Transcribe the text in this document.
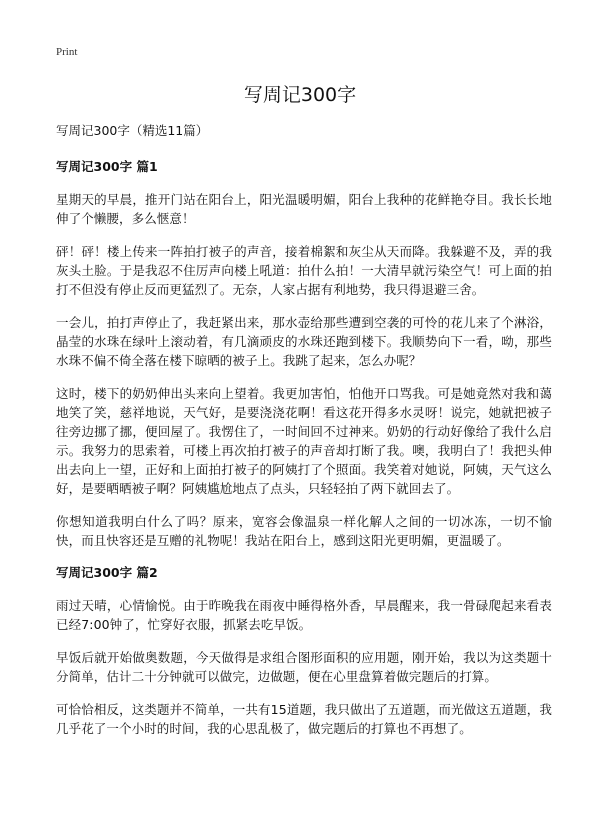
Print
写周记300字

写周记300字（精选11篇）

写周记300字 篇1

星期天的早晨，推开门站在阳台上，阳光温暖明媚，阳台上我种的花鲜艳夺目。我长长地伸了个懒腰，多么惬意！

砰！砰！楼上传来一阵拍打被子的声音，接着棉絮和灰尘从天而降。我躲避不及，弄的我灰头土脸。于是我忍不住厉声向楼上吼道：拍什么拍！一大清早就污染空气！可上面的拍打不但没有停止反而更猛烈了。无奈，人家占据有利地势，我只得退避三舍。

一会儿，拍打声停止了，我赶紧出来，那水壶给那些遭到空袭的可怜的花儿来了个淋浴，晶莹的水珠在绿叶上滚动着，有几滴顽皮的水珠还跑到楼下。我顺势向下一看，呦，那些水珠不偏不倚全落在楼下晾晒的被子上。我跳了起来，怎么办呢？

这时，楼下的奶奶伸出头来向上望着。我更加害怕，怕他开口骂我。可是她竟然对我和蔼地笑了笑，慈祥地说，天气好，是要浇浇花啊！看这花开得多水灵呀！说完，她就把被子往旁边挪了挪，便回屋了。我愣住了，一时间回不过神来。奶奶的行动好像给了我什么启示。我努力的思索着，可楼上再次拍打被子的声音却打断了我。噢，我明白了！我把头伸出去向上一望，正好和上面拍打被子的阿姨打了个照面。我笑着对她说，阿姨，天气这么好，是要晒晒被子啊？阿姨尴尬地点了点头，只轻轻拍了两下就回去了。

你想知道我明白什么了吗？原来，宽容会像温泉一样化解人之间的一切冰冻，一切不愉快，而且快容还是互赠的礼物呢！我站在阳台上，感到这阳光更明媚，更温暖了。

写周记300字 篇2

雨过天晴，心情愉悦。由于昨晚我在雨夜中睡得格外香，早晨醒来，我一骨碌爬起来看表已经7:00钟了，忙穿好衣服，抓紧去吃早饭。

早饭后就开始做奥数题，今天做得是求组合图形面积的应用题，刚开始，我以为这类题十分简单，估计二十分钟就可以做完，边做题，便在心里盘算着做完题后的打算。

可恰恰相反，这类题并不简单，一共有15道题，我只做出了五道题，而光做这五道题，我几乎花了一个小时的时间，我的心思乱极了，做完题后的打算也不再想了。
